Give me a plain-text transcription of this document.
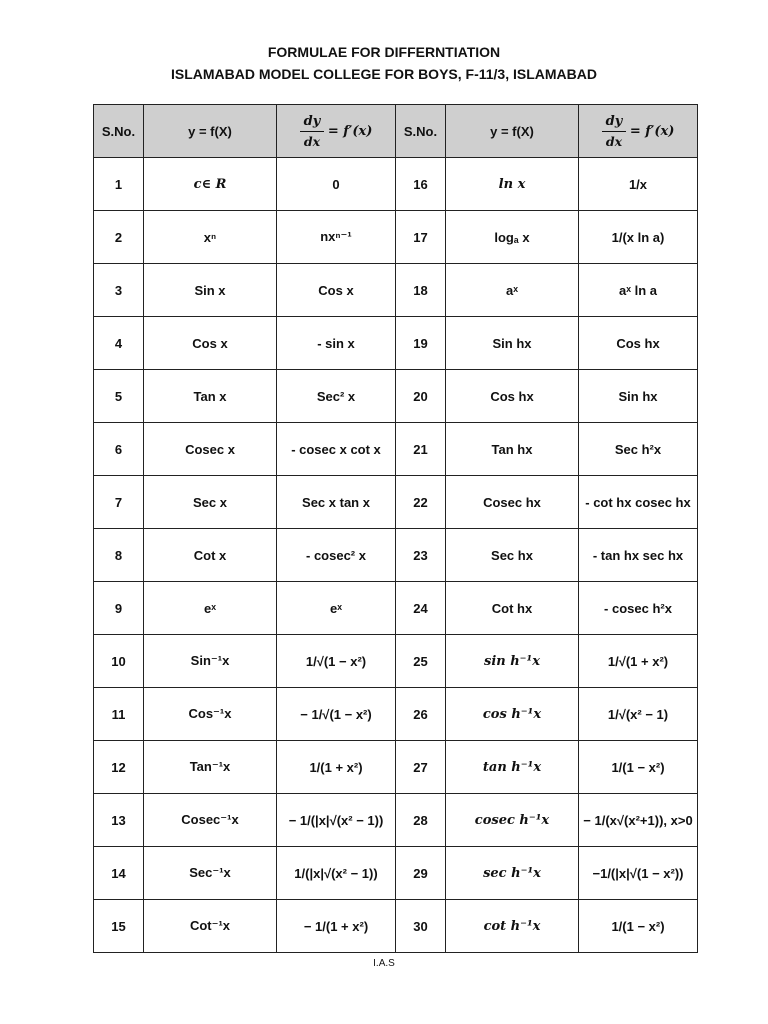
FORMULAE FOR DIFFERNTIATION
ISLAMABAD MODEL COLLEGE FOR BOYS, F-11/3, ISLAMABAD
S.No.	y = f(X)	$\frac{dy}{dx} = f'(x)$	S.No.	y = f(X)	$\frac{dy}{dx} = f'(x)$
1	c∈ R	0	16	ln x	1/x
2	xⁿ	nxⁿ⁻¹	17	logₐ x	1/(x ln a)
3	Sin x	Cos x	18	aˣ	aˣ ln a
4	Cos x	- sin x	19	Sin hx	Cos hx
5	Tan x	Sec² x	20	Cos hx	Sin hx
6	Cosec x	- cosec x cot x	21	Tan hx	Sec h²x
7	Sec x	Sec x tan x	22	Cosec hx	- cot hx cosec hx
8	Cot x	- cosec² x	23	Sec hx	- tan hx sec hx
9	eˣ	eˣ	24	Cot hx	- cosec h²x
10	Sin⁻¹x	1/√(1 − x²)	25	sin h⁻¹x	1/√(1 + x²)
11	Cos⁻¹x	− 1/√(1 − x²)	26	cos h⁻¹x	1/√(x² − 1)
12	Tan⁻¹x	1/(1 + x²)	27	tan h⁻¹x	1/(1 − x²)
13	Cosec⁻¹x	− 1/(|x|√(x² − 1))	28	cosec h⁻¹x	− 1/(x√(x²+1)), x>0
14	Sec⁻¹x	1/(|x|√(x² − 1))	29	sec h⁻¹x	−1/(|x|√(1 − x²))
15	Cot⁻¹x	− 1/(1 + x²)	30	cot h⁻¹x	1/(1 − x²)
I.A.S
